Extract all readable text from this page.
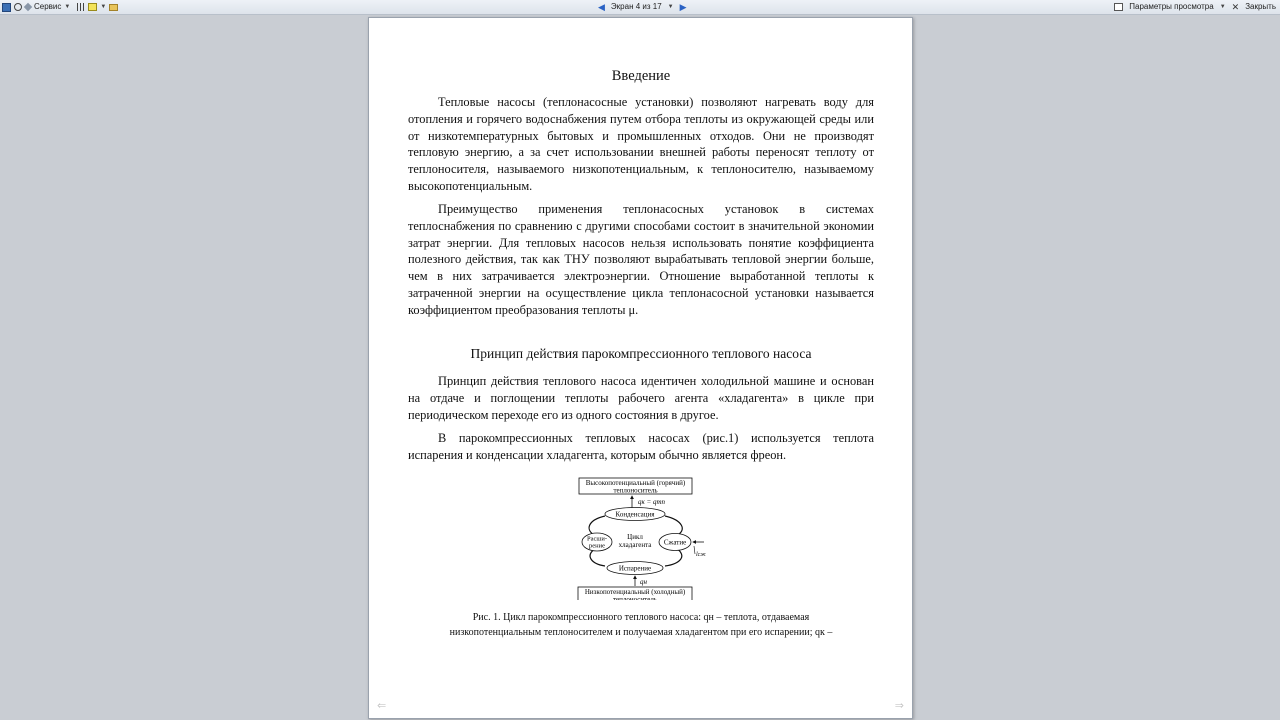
Сервис ▼	▼	◀ Экран 4 из 17 ▼ ▶	Параметры просмотра ▼ ✕ Закрыть
Введение

Тепловые насосы (теплонасосные установки) позволяют нагревать воду для отопления и горячего водоснабжения путем отбора теплоты из окружающей среды или от низкотемпературных бытовых и промышленных отходов. Они не производят тепловую энергию, а за счет использовании внешней работы переносят теплоту от теплоносителя, называемого низкопотенциальным, к теплоносителю, называемому высокопотенциальным.

Преимущество применения теплонасосных установок в системах теплоснабжения по сравнению с другими способами состоит в значительной экономии затрат энергии. Для тепловых насосов нельзя использовать понятие коэффициента полезного действия, так как ТНУ позволяют вырабатывать тепловой энергии больше, чем в них затрачивается электроэнергии. Отношение выработанной теплоты к затраченной энергии на осуществление цикла теплонасосной установки называется коэффициентом преобразования теплоты μ.

Принцип действия парокомпрессионного теплового насоса

Принцип действия теплового насоса идентичен холодильной машине и основан на отдаче и поглощении теплоты рабочего агента «хладагента» в цикле при периодическом переходе его из одного состояния в другое.

В парокомпрессионных тепловых насосах (рис.1) используется теплота испарения и конденсации хладагента, которым обычно является фреон.

Высокопотенциальный (горячий)
теплоноситель
qк = qтп
Конденсация
Расши-
рение
Цикл
хладагента Сжатие
lсж
Испарение
qн
Низкопотенциальный (холодный)
теплоноситель

Рис. 1. Цикл парокомпрессионного теплового насоса: qн – теплота, отдаваемая

низкопотенциальным теплоносителем и получаемая хладагентом при его испарении; qк –

⇐	⇒
